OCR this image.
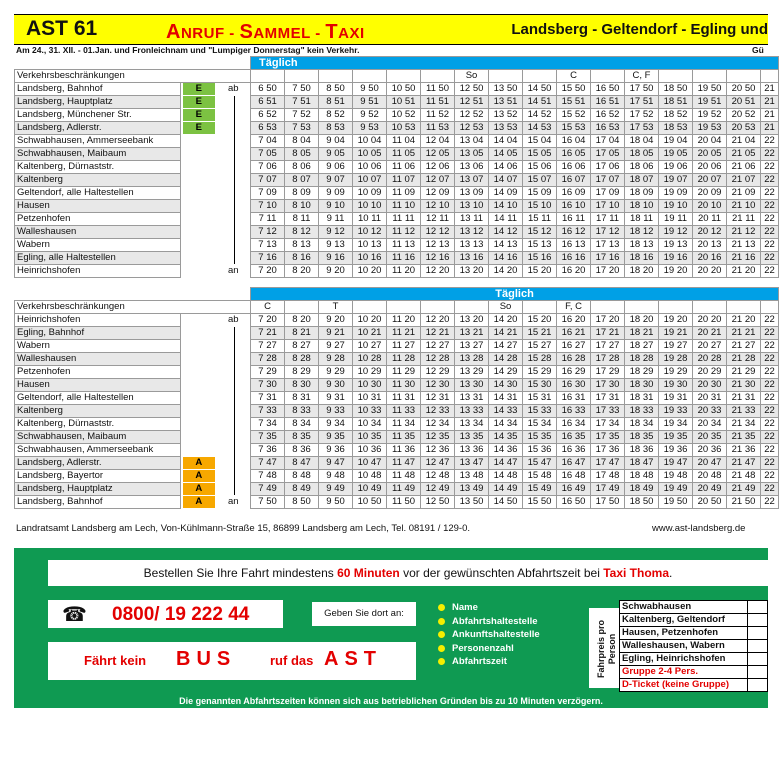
AST 61	ANRUF - SAMMEL - TAXI	Landsberg - Geltendorf - Egling und
Am 24., 31. XII. - 01.Jan. und Fronleichnam und "Lumpiger Donnerstag" kein Verkehr.	Gü
			Täglich															
Verkehrsbeschränkungen									So			C		C, F				
Landsberg, Bahnhof	E	ab	6 50	7 50	8 50	9 50	10 50	11 50	12 50	13 50	14 50	15 50	16 50	17 50	18 50	19 50	20 50	21
Landsberg, Hauptplatz	E		6 51	7 51	8 51	9 51	10 51	11 51	12 51	13 51	14 51	15 51	16 51	17 51	18 51	19 51	20 51	21
Landsberg, Münchener Str.	E		6 52	7 52	8 52	9 52	10 52	11 52	12 52	13 52	14 52	15 52	16 52	17 52	18 52	19 52	20 52	21
Landsberg, Adlerstr.	E		6 53	7 53	8 53	9 53	10 53	11 53	12 53	13 53	14 53	15 53	16 53	17 53	18 53	19 53	20 53	21
Schwabhausen, Ammerseebank			7 04	8 04	9 04	10 04	11 04	12 04	13 04	14 04	15 04	16 04	17 04	18 04	19 04	20 04	21 04	22
Schwabhausen, Maibaum			7 05	8 05	9 05	10 05	11 05	12 05	13 05	14 05	15 05	16 05	17 05	18 05	19 05	20 05	21 05	22
Kaltenberg, Dürnaststr.			7 06	8 06	9 06	10 06	11 06	12 06	13 06	14 06	15 06	16 06	17 06	18 06	19 06	20 06	21 06	22
Kaltenberg			7 07	8 07	9 07	10 07	11 07	12 07	13 07	14 07	15 07	16 07	17 07	18 07	19 07	20 07	21 07	22
Geltendorf, alle Haltestellen			7 09	8 09	9 09	10 09	11 09	12 09	13 09	14 09	15 09	16 09	17 09	18 09	19 09	20 09	21 09	22
Hausen			7 10	8 10	9 10	10 10	11 10	12 10	13 10	14 10	15 10	16 10	17 10	18 10	19 10	20 10	21 10	22
Petzenhofen			7 11	8 11	9 11	10 11	11 11	12 11	13 11	14 11	15 11	16 11	17 11	18 11	19 11	20 11	21 11	22
Walleshausen			7 12	8 12	9 12	10 12	11 12	12 12	13 12	14 12	15 12	16 12	17 12	18 12	19 12	20 12	21 12	22
Wabern			7 13	8 13	9 13	10 13	11 13	12 13	13 13	14 13	15 13	16 13	17 13	18 13	19 13	20 13	21 13	22
Egling, alle Haltestellen			7 16	8 16	9 16	10 16	11 16	12 16	13 16	14 16	15 16	16 16	17 16	18 16	19 16	20 16	21 16	22
Heinrichshofen		an	7 20	8 20	9 20	10 20	11 20	12 20	13 20	14 20	15 20	16 20	17 20	18 20	19 20	20 20	21 20	22
			Täglich															
Verkehrsbeschränkungen			C		T					So		F, C						
Heinrichshofen		ab	7 20	8 20	9 20	10 20	11 20	12 20	13 20	14 20	15 20	16 20	17 20	18 20	19 20	20 20	21 20	22
Egling, Bahnhof			7 21	8 21	9 21	10 21	11 21	12 21	13 21	14 21	15 21	16 21	17 21	18 21	19 21	20 21	21 21	22
Wabern			7 27	8 27	9 27	10 27	11 27	12 27	13 27	14 27	15 27	16 27	17 27	18 27	19 27	20 27	21 27	22
Walleshausen			7 28	8 28	9 28	10 28	11 28	12 28	13 28	14 28	15 28	16 28	17 28	18 28	19 28	20 28	21 28	22
Petzenhofen			7 29	8 29	9 29	10 29	11 29	12 29	13 29	14 29	15 29	16 29	17 29	18 29	19 29	20 29	21 29	22
Hausen			7 30	8 30	9 30	10 30	11 30	12 30	13 30	14 30	15 30	16 30	17 30	18 30	19 30	20 30	21 30	22
Geltendorf, alle Haltestellen			7 31	8 31	9 31	10 31	11 31	12 31	13 31	14 31	15 31	16 31	17 31	18 31	19 31	20 31	21 31	22
Kaltenberg			7 33	8 33	9 33	10 33	11 33	12 33	13 33	14 33	15 33	16 33	17 33	18 33	19 33	20 33	21 33	22
Kaltenberg, Dürnaststr.			7 34	8 34	9 34	10 34	11 34	12 34	13 34	14 34	15 34	16 34	17 34	18 34	19 34	20 34	21 34	22
Schwabhausen, Maibaum			7 35	8 35	9 35	10 35	11 35	12 35	13 35	14 35	15 35	16 35	17 35	18 35	19 35	20 35	21 35	22
Schwabhausen, Ammerseebank			7 36	8 36	9 36	10 36	11 36	12 36	13 36	14 36	15 36	16 36	17 36	18 36	19 36	20 36	21 36	22
Landsberg, Adlerstr.	A		7 47	8 47	9 47	10 47	11 47	12 47	13 47	14 47	15 47	16 47	17 47	18 47	19 47	20 47	21 47	22
Landsberg, Bayertor	A		7 48	8 48	9 48	10 48	11 48	12 48	13 48	14 48	15 48	16 48	17 48	18 48	19 48	20 48	21 48	22
Landsberg, Hauptplatz	A		7 49	8 49	9 49	10 49	11 49	12 49	13 49	14 49	15 49	16 49	17 49	18 49	19 49	20 49	21 49	22
Landsberg, Bahnhof	A	an	7 50	8 50	9 50	10 50	11 50	12 50	13 50	14 50	15 50	16 50	17 50	18 50	19 50	20 50	21 50	22
Landratsamt Landsberg am Lech, Von-Kühlmann-Straße 15, 86899 Landsberg am Lech, Tel. 08191 / 129-0.	www.ast-landsberg.de
Bestellen Sie Ihre Fahrt mindestens 60 Minuten vor der gewünschten Abfahrtszeit bei Taxi Thoma.
☎ 0800/ 19 222 44	Geben Sie dort an:
Fährt kein BUS	ruf das AST
Name
Abfahrtshaltestelle
Ankunftshaltestelle
Personenzahl
Abfahrtszeit	Fahrpreis pro Person
Schwabhausen	
Kaltenberg, Geltendorf	
Hausen, Petzenhofen	
Walleshausen, Wabern	
Egling, Heinrichshofen	
Gruppe 2-4 Pers.	
D-Ticket (keine Gruppe)	
Die genannten Abfahrtszeiten können sich aus betrieblichen Gründen bis zu 10 Minuten verzögern.
